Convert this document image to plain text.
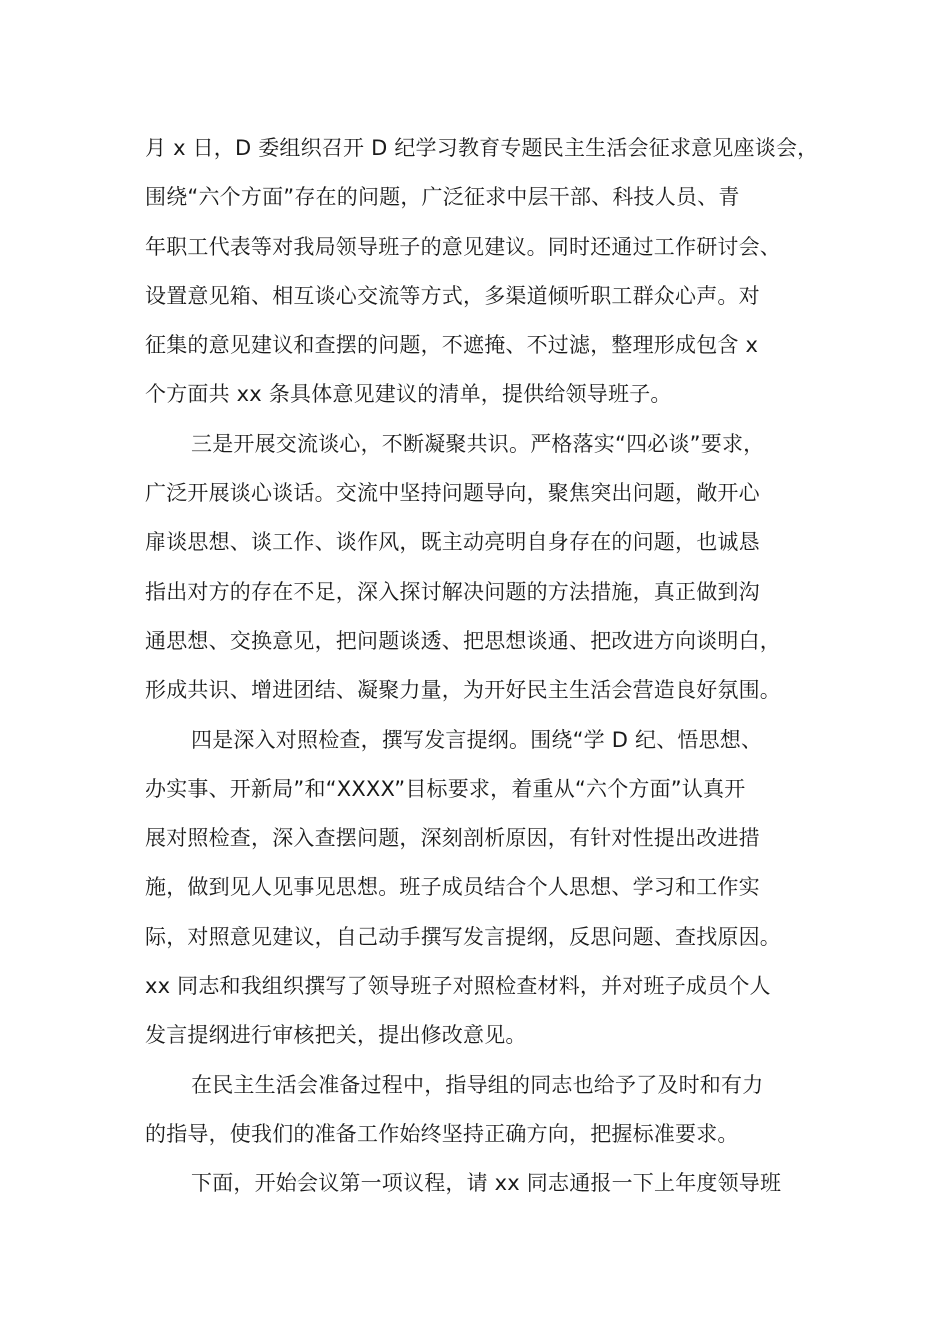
月 x 日，D 委组织召开 D 纪学习教育专题民主生活会征求意见座谈会，
围绕“六个方面”存在的问题，广泛征求中层干部、科技人员、青
年职工代表等对我局领导班子的意见建议。同时还通过工作研讨会、
设置意见箱、相互谈心交流等方式，多渠道倾听职工群众心声。对
征集的意见建议和查摆的问题，不遮掩、不过滤，整理形成包含 x
个方面共 xx 条具体意见建议的清单，提供给领导班子。
三是开展交流谈心，不断凝聚共识。严格落实“四必谈”要求，
广泛开展谈心谈话。交流中坚持问题导向，聚焦突出问题，敞开心
扉谈思想、谈工作、谈作风，既主动亮明自身存在的问题，也诚恳
指出对方的存在不足，深入探讨解决问题的方法措施，真正做到沟
通思想、交换意见，把问题谈透、把思想谈通、把改进方向谈明白，
形成共识、增进团结、凝聚力量，为开好民主生活会营造良好氛围。
四是深入对照检查，撰写发言提纲。围绕“学 D 纪、悟思想、
办实事、开新局”和“XXXX”目标要求，着重从“六个方面”认真开
展对照检查，深入查摆问题，深刻剖析原因，有针对性提出改进措
施，做到见人见事见思想。班子成员结合个人思想、学习和工作实
际，对照意见建议，自己动手撰写发言提纲，反思问题、查找原因。
xx 同志和我组织撰写了领导班子对照检查材料，并对班子成员个人
发言提纲进行审核把关，提出修改意见。
在民主生活会准备过程中，指导组的同志也给予了及时和有力
的指导，使我们的准备工作始终坚持正确方向，把握标准要求。
下面，开始会议第一项议程，请 xx 同志通报一下上年度领导班
